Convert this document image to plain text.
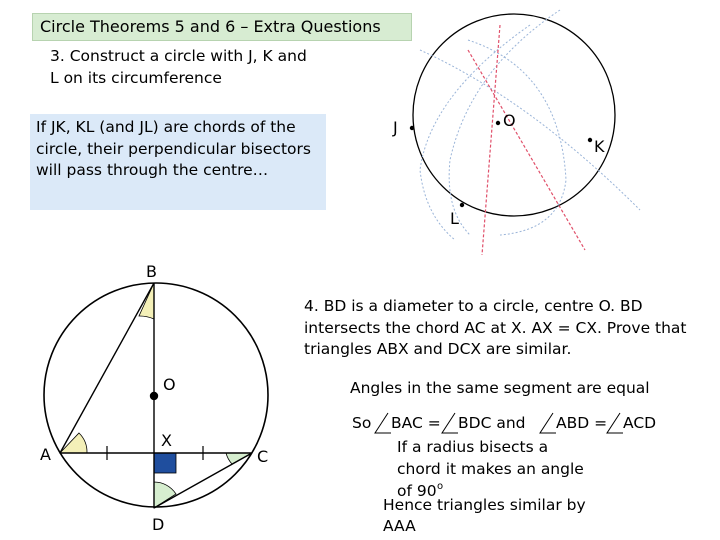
Circle Theorems 5 and 6 – Extra Questions
3. Construct a circle with J, K and L on its circumference
If JK, KL (and JL) are chords of the circle, their perpendicular bisectors will pass through the centre…
J	O
K
L
B
O
X
A	C
D
4. BD is a diameter to a circle, centre O. BD intersects the chord AC at X. AX = CX. Prove that triangles ABX and DCX are similar.
Angles in the same segment are equal
So BAC = BDC and ABD = ACD
If a radius bisects a
chord it makes an angle
of 90 o
Hence triangles similar by
AAA
